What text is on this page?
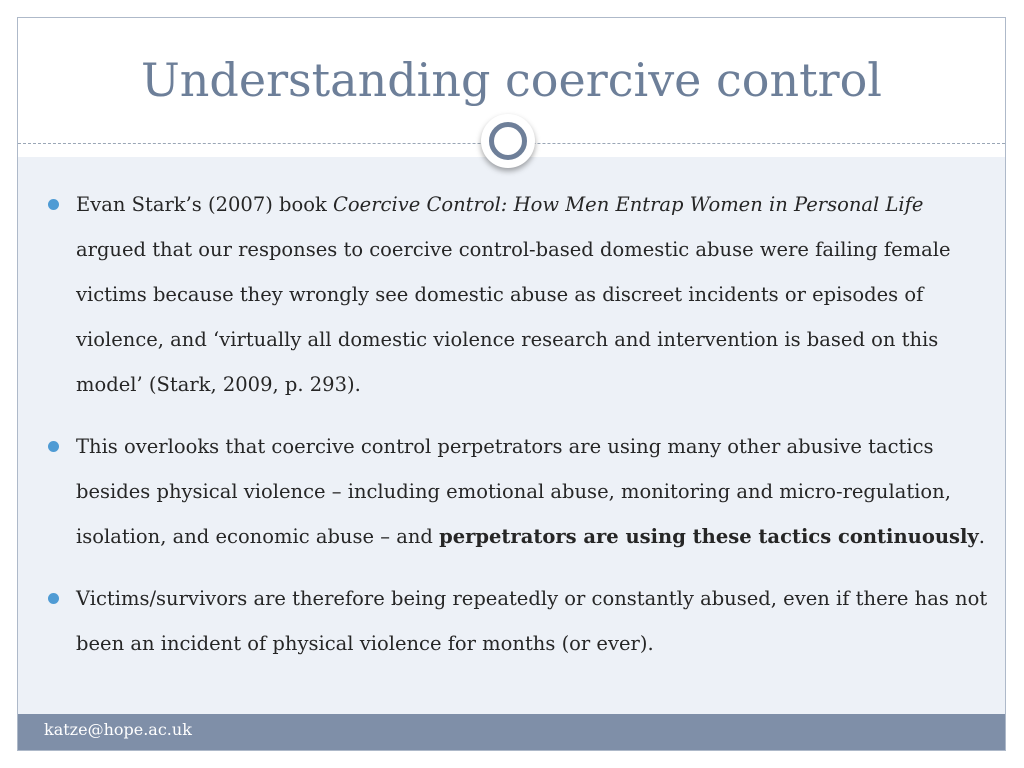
Understanding coercive control
Evan Stark’s (2007) book Coercive Control: How Men Entrap Women in Personal Life argued that our responses to coercive control-based domestic abuse were failing female victims because they wrongly see domestic abuse as discreet incidents or episodes of violence, and ‘virtually all domestic violence research and intervention is based on this model’ (Stark, 2009, p. 293).
This overlooks that coercive control perpetrators are using many other abusive tactics besides physical violence – including emotional abuse, monitoring and micro-regulation, isolation, and economic abuse – and perpetrators are using these tactics continuously.
Victims/survivors are therefore being repeatedly or constantly abused, even if there has not been an incident of physical violence for months (or ever).
katze@hope.ac.uk
